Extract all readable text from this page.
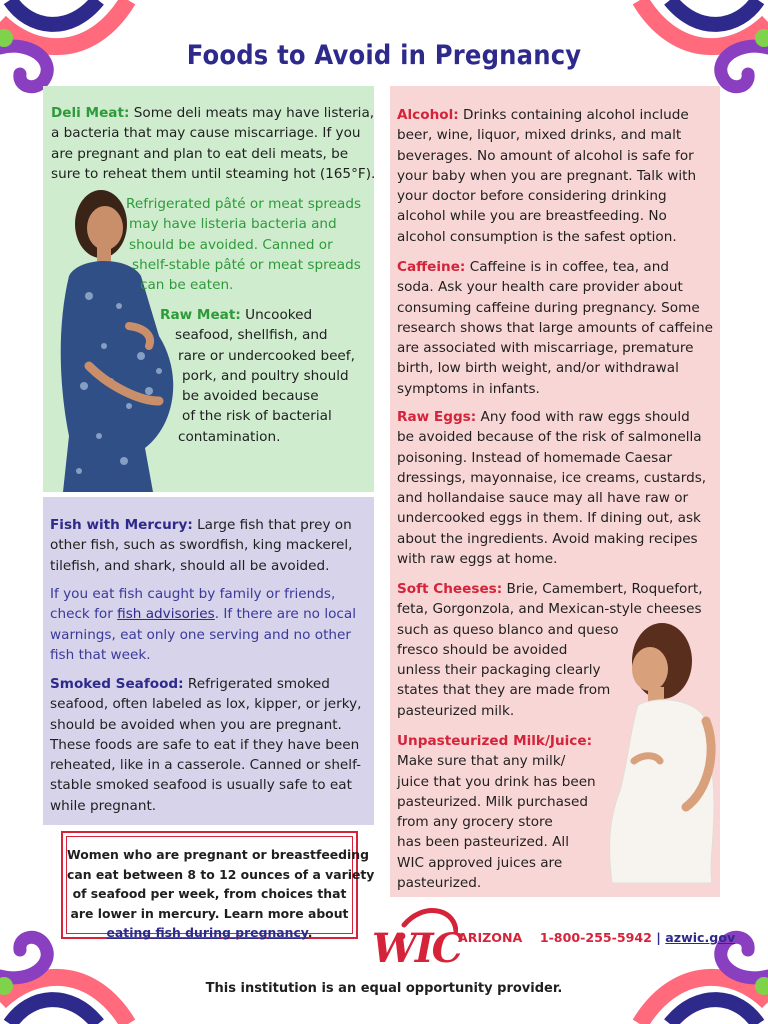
Foods to Avoid in Pregnancy

Deli Meat: Some deli meats may have listeria,

a bacteria that may cause miscarriage. If you

are pregnant and plan to eat deli meats, be

sure to reheat them until steaming hot (165°F).

Refrigerated pâté or meat spreads

may have listeria bacteria and

should be avoided. Canned or

shelf-stable pâté or meat spreads

can be eaten.

Raw Meat: Uncooked

seafood, shellfish, and

rare or undercooked beef,

pork, and poultry should

be avoided because

of the risk of bacterial

contamination.

Fish with Mercury: Large fish that prey on

other fish, such as swordfish, king mackerel,

tilefish, and shark, should all be avoided.

If you eat fish caught by family or friends,

check for fish advisories. If there are no local

warnings, eat only one serving and no other

fish that week.

Smoked Seafood: Refrigerated smoked

seafood, often labeled as lox, kipper, or jerky,

should be avoided when you are pregnant.

These foods are safe to eat if they have been

reheated, like in a casserole. Canned or shelf-

stable smoked seafood is usually safe to eat

while pregnant.

Alcohol: Drinks containing alcohol include

beer, wine, liquor, mixed drinks, and malt

beverages. No amount of alcohol is safe for

your baby when you are pregnant. Talk with

your doctor before considering drinking

alcohol while you are breastfeeding. No

alcohol consumption is the safest option.

Caffeine: Caffeine is in coffee, tea, and

soda. Ask your health care provider about

consuming caffeine during pregnancy. Some

research shows that large amounts of caffeine

are associated with miscarriage, premature

birth, low birth weight, and/or withdrawal

symptoms in infants.

Raw Eggs: Any food with raw eggs should

be avoided because of the risk of salmonella

poisoning. Instead of homemade Caesar

dressings, mayonnaise, ice creams, custards,

and hollandaise sauce may all have raw or

undercooked eggs in them. If dining out, ask

about the ingredients. Avoid making recipes

with raw eggs at home.

Soft Cheeses: Brie, Camembert, Roquefort,

feta, Gorgonzola, and Mexican-style cheeses

such as queso blanco and queso

fresco should be avoided

unless their packaging clearly

states that they are made from

pasteurized milk.

Unpasteurized Milk/Juice:

Make sure that any milk/

juice that you drink has been

pasteurized. Milk purchased

from any grocery store

has been pasteurized. All

WIC approved juices are

pasteurized.

Women who are pregnant or breastfeeding
can eat between 8 to 12 ounces of a variety
of seafood per week, from choices that
are lower in mercury. Learn more about
eating fish during pregnancy.	WIC
ARIZONA 1-800-255-5942 | azwic.gov
This institution is an equal opportunity provider.
